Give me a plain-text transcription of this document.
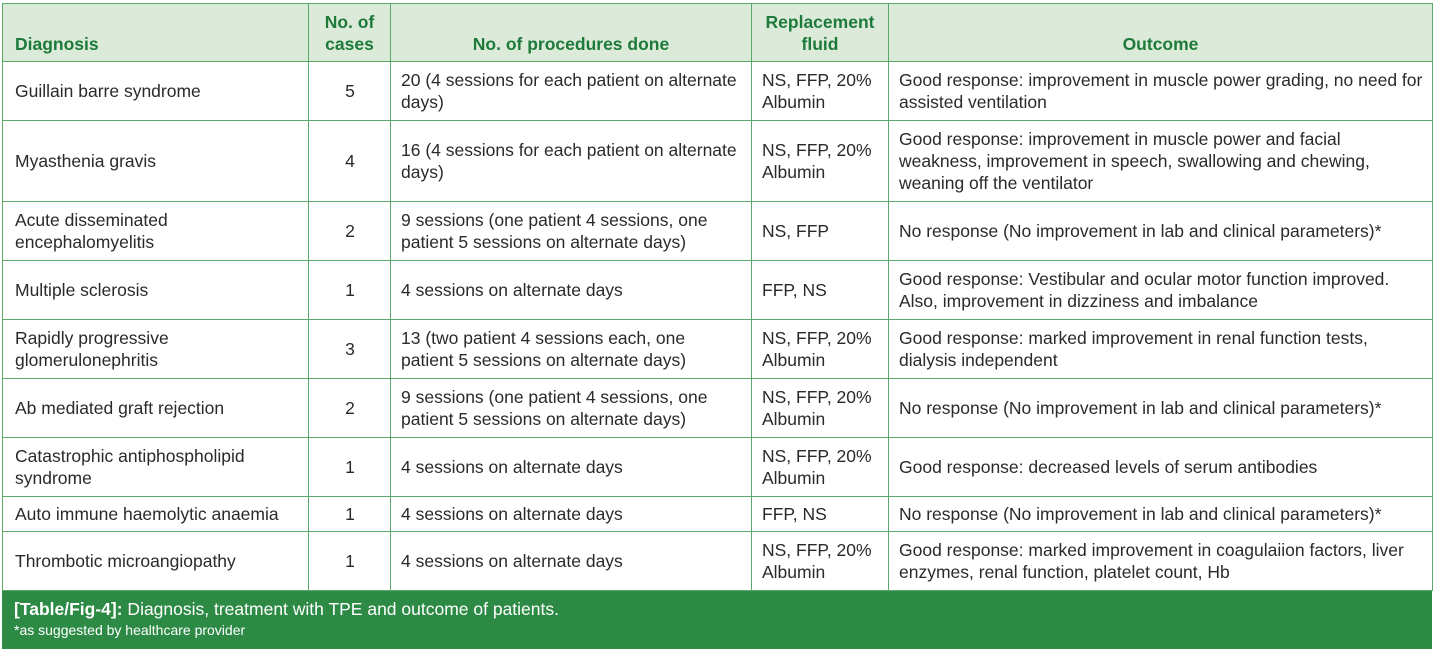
Diagnosis	No. of cases	No. of procedures done	Replacement fluid	Outcome
Guillain barre syndrome	5	20 (4 sessions for each patient on alternate days)	NS, FFP, 20% Albumin	Good response: improvement in muscle power grading, no need for assisted ventilation
Myasthenia gravis	4	16 (4 sessions for each patient on alternate days)	NS, FFP, 20% Albumin	Good response: improvement in muscle power and facial weakness, improvement in speech, swallowing and chewing, weaning off the ventilator
Acute disseminated encephalomyelitis	2	9 sessions (one patient 4 sessions, one patient 5 sessions on alternate days)	NS, FFP	No response (No improvement in lab and clinical parameters)*
Multiple sclerosis	1	4 sessions on alternate days	FFP, NS	Good response: Vestibular and ocular motor function improved. Also, improvement in dizziness and imbalance
Rapidly progressive glomerulonephritis	3	13 (two patient 4 sessions each, one patient 5 sessions on alternate days)	NS, FFP, 20% Albumin	Good response: marked improvement in renal function tests, dialysis independent
Ab mediated graft rejection	2	9 sessions (one patient 4 sessions, one patient 5 sessions on alternate days)	NS, FFP, 20% Albumin	No response (No improvement in lab and clinical parameters)*
Catastrophic antiphospholipid syndrome	1	4 sessions on alternate days	NS, FFP, 20% Albumin	Good response: decreased levels of serum antibodies
Auto immune haemolytic anaemia	1	4 sessions on alternate days	FFP, NS	No response (No improvement in lab and clinical parameters)*
Thrombotic microangiopathy	1	4 sessions on alternate days	NS, FFP, 20% Albumin	Good response: marked improvement in coagulaiion factors, liver enzymes, renal function, platelet count, Hb
[Table/Fig-4]: Diagnosis, treatment with TPE and outcome of patients.
*as suggested by healthcare provider
